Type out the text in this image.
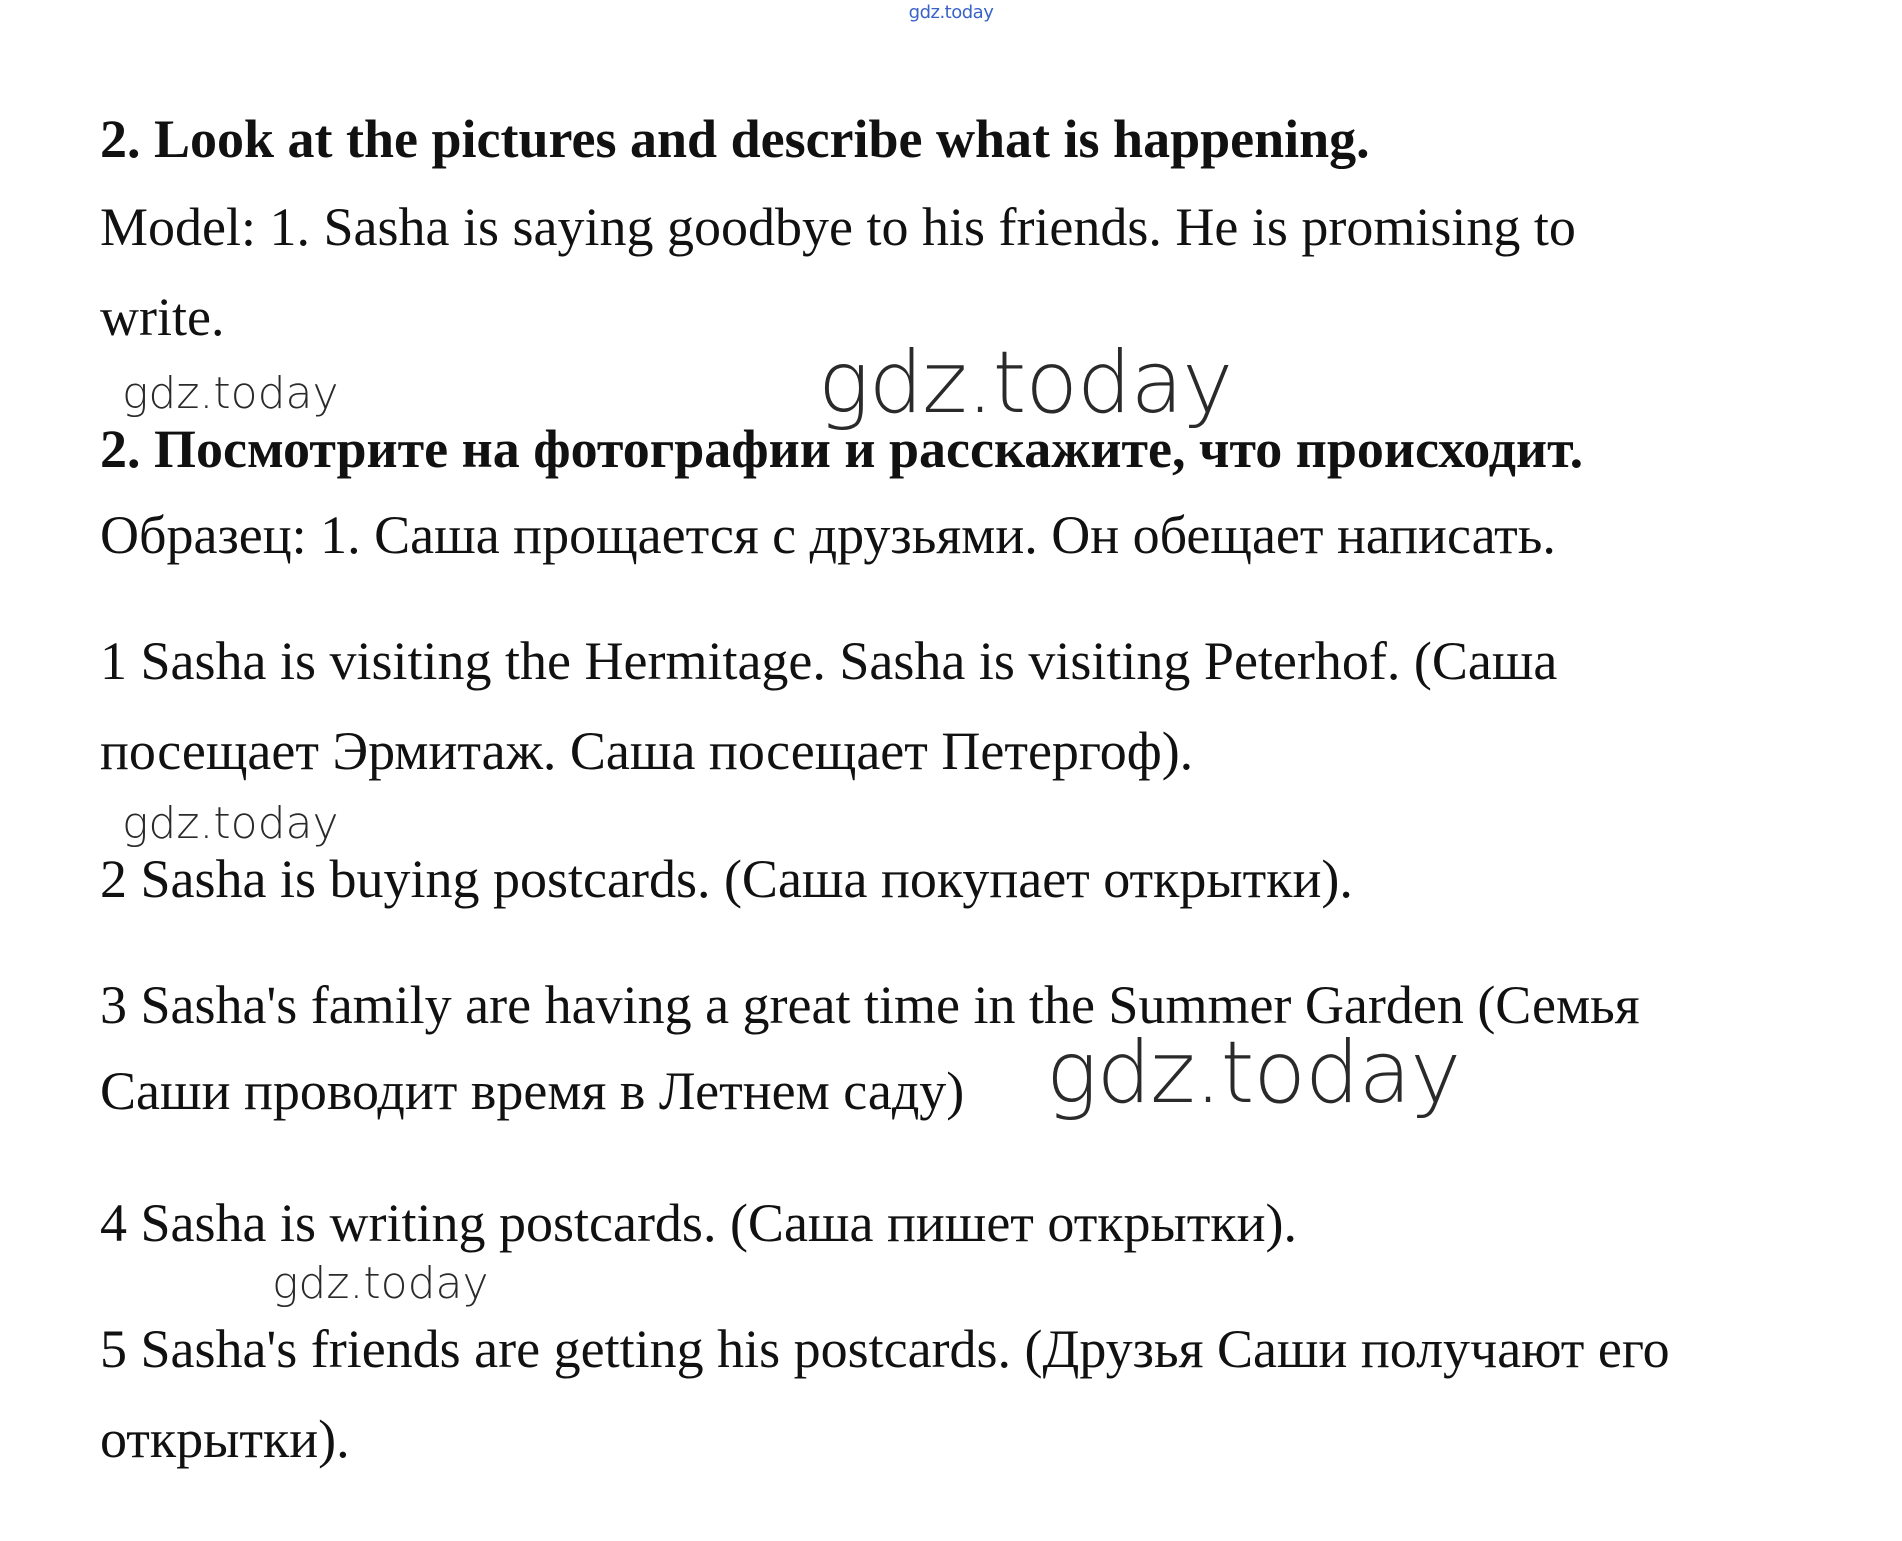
gdz.today

2. Look at the pictures and describe what is happening.

Model: 1. Sasha is saying goodbye to his friends. He is promising to

write.

gdz.today	gdz.today

2. Посмотрите на фотографии и расскажите, что происходит.

Образец: 1. Саша прощается с друзьями. Он обещает написать.

1 Sasha is visiting the Hermitage. Sasha is visiting Peterhof. (Саша

посещает Эрмитаж. Саша посещает Петергоф).

gdz.today

2 Sasha is buying postcards. (Саша покупает открытки).

3 Sasha's family are having a great time in the Summer Garden (Семья

Саши проводит время в Летнем саду) gdz.today

4 Sasha is writing postcards. (Саша пишет открытки).

gdz.today

5 Sasha's friends are getting his postcards. (Друзья Саши получают его

открытки).
